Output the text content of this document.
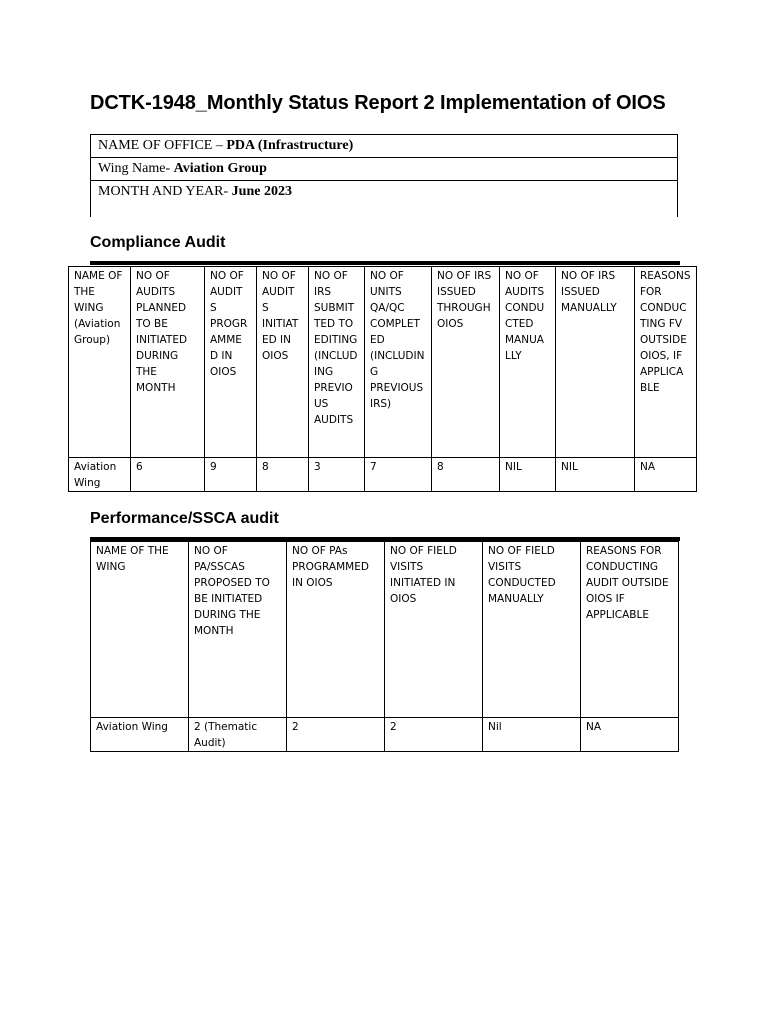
DCTK-1948_Monthly Status Report 2 Implementation of OIOS
NAME OF OFFICE – PDA (Infrastructure)
Wing Name- Aviation Group
MONTH AND YEAR- June 2023
Compliance Audit
NAME OF THE WING (Aviation Group)	NO OF AUDITS PLANNED TO BE INITIATED DURING THE MONTH	NO OF AUDIT S PROGR AMME D IN OIOS	NO OF AUDIT S INITIAT ED IN OIOS	NO OF IRS SUBMIT TED TO EDITING (INCLUD ING PREVIO US AUDITS	NO OF UNITS QA/QC COMPLET ED (INCLUDIN G PREVIOUS IRS)	NO OF IRS ISSUED THROUGH OIOS	NO OF AUDITS CONDU CTED MANUA LLY	NO OF IRS ISSUED MANUALLY	REASONS FOR CONDUC TING FV OUTSIDE OIOS, IF APPLICA BLE
Aviation Wing	6	9	8	3	7	8	NIL	NIL	NA
Performance/SSCA audit
NAME OF THE WING	NO OF PA/SSCAS PROPOSED TO BE INITIATED DURING THE MONTH	NO OF PAs PROGRAMMED IN OIOS	NO OF FIELD VISITS INITIATED IN OIOS	NO OF FIELD VISITS CONDUCTED MANUALLY	REASONS FOR CONDUCTING AUDIT OUTSIDE OIOS IF APPLICABLE
Aviation Wing	2 (Thematic Audit)	2	2	Nil	NA
